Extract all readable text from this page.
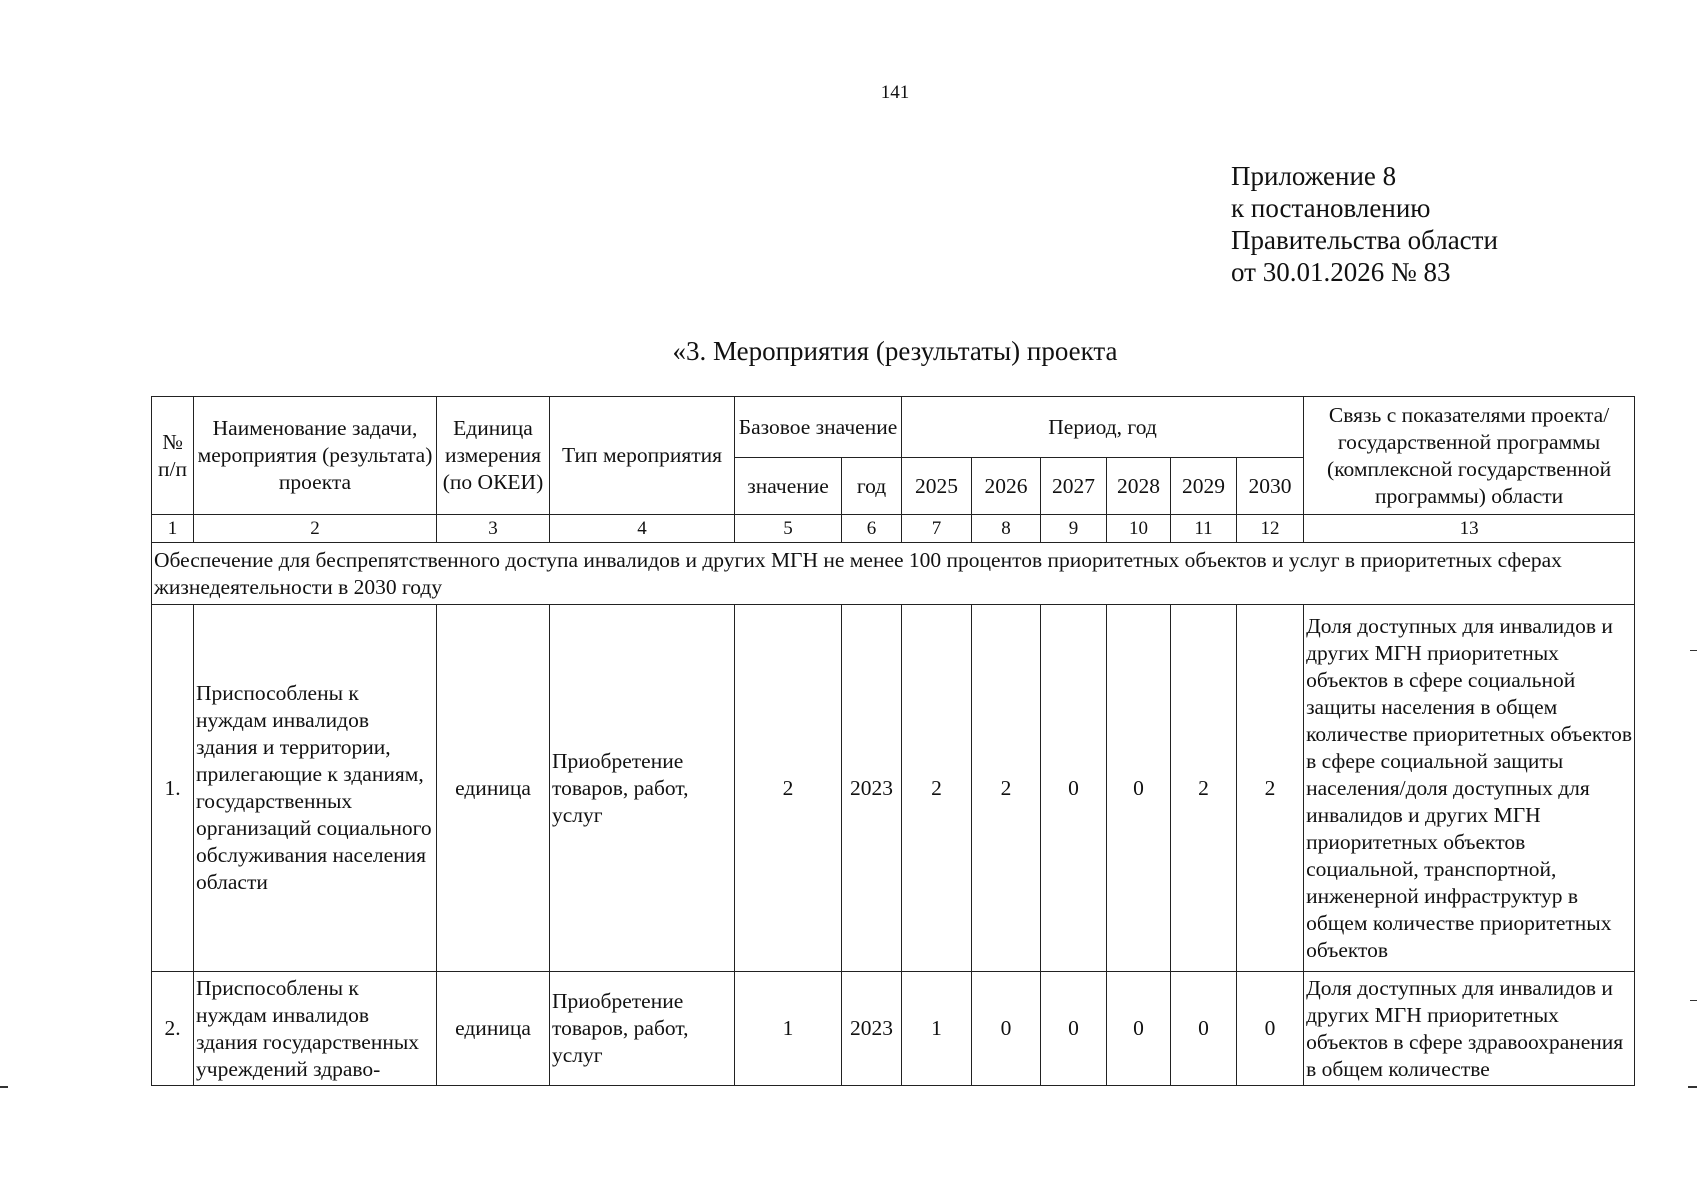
141
Приложение 8
к постановлению
Правительства области
от 30.01.2026 № 83
«3. Мероприятия (результаты) проекта
№ п/п	Наименование задачи, мероприятия (результата) проекта	Единица измерения (по ОКЕИ)	Тип мероприятия	Базовое значение		Период, год						Связь с показателями проекта/государственной программы (комплексной государственной программы) области
				значение	год	2025	2026	2027	2028	2029	2030	
1	2	3	4	5	6	7	8	9	10	11	12	13
Обеспечение для беспрепятственного доступа инвалидов и других МГН не менее 100 процентов приоритетных объектов и услуг в приоритетных сферах жизнедеятельности в 2030 году												
1.	Приспособлены к нуждам инвалидов здания и территории, прилегающие к зданиям, государственных организаций социального обслуживания населения области	единица	Приобретение товаров, работ, услуг	2	2023	2	2	0	0	2	2	Доля доступных для инвалидов и других МГН приоритетных объектов в сфере социальной защиты населения в общем количестве приоритетных объектов в сфере социальной защиты населения/доля доступных для инвалидов и других МГН приоритетных объектов социальной, транспортной, инженерной инфраструктур в общем количестве приоритетных объектов
2.	Приспособлены к нуждам инвалидов здания государственных учреждений здраво-	единица	Приобретение товаров, работ, услуг	1	2023	1	0	0	0	0	0	Доля доступных для инвалидов и других МГН приоритетных объектов в сфере здравоохранения в общем количестве
